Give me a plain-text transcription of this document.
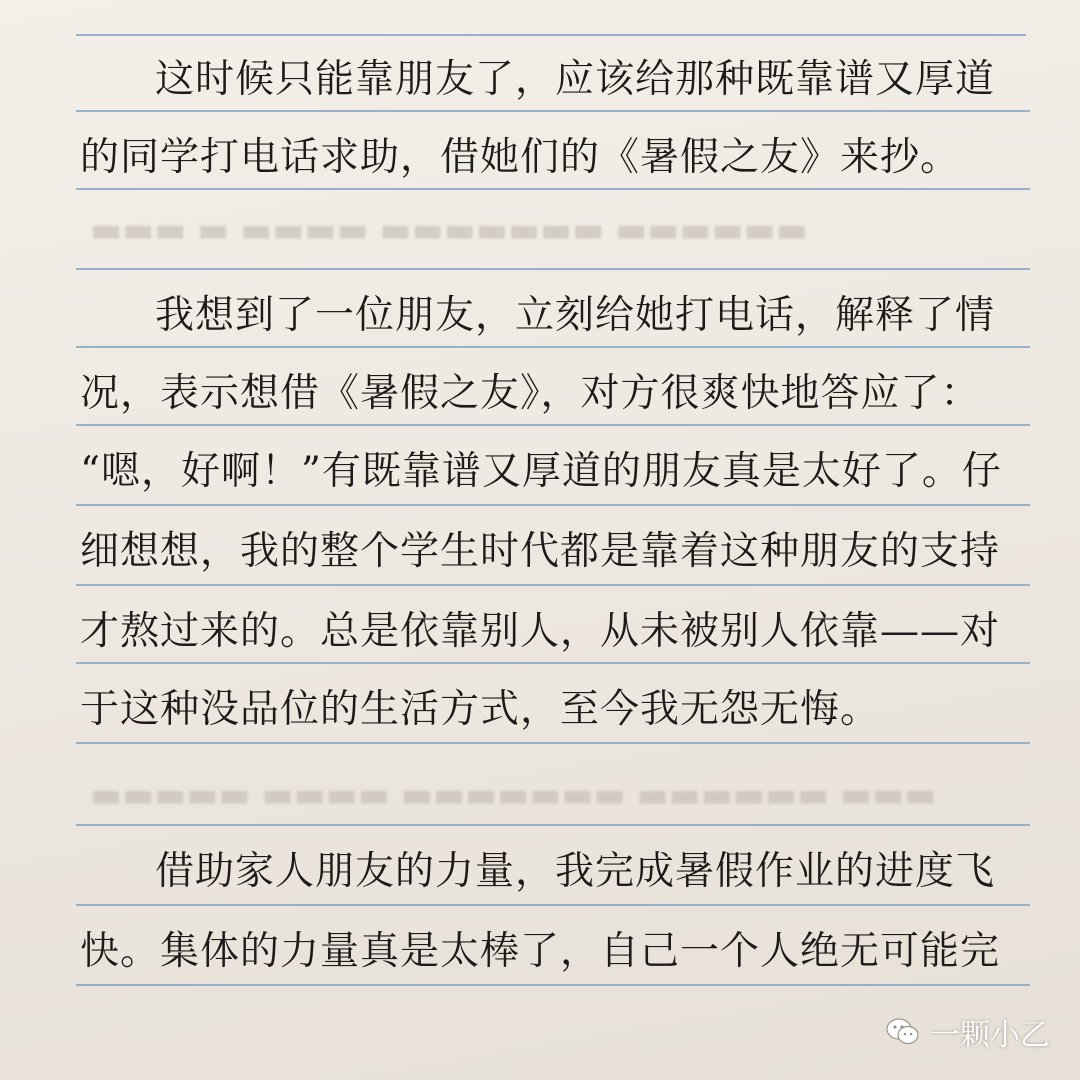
▬▬▬ ▬ ▬▬▬▬ ▬▬▬▬▬▬▬ ▬▬▬▬▬▬
▬▬▬▬▬ ▬▬▬▬ ▬▬▬▬▬▬▬ ▬▬▬▬▬▬ ▬▬▬
这时候只能靠朋友了，应该给那种既靠谱又厚道
的同学打电话求助，借她们的《暑假之友》来抄。
我想到了一位朋友，立刻给她打电话，解释了情
况，表示想借《暑假之友》，对方很爽快地答应了：
“嗯，好啊！”有既靠谱又厚道的朋友真是太好了。仔
细想想，我的整个学生时代都是靠着这种朋友的支持
才熬过来的。总是依靠别人，从未被别人依靠——对
于这种没品位的生活方式，至今我无怨无悔。
借助家人朋友的力量，我完成暑假作业的进度飞
快。集体的力量真是太棒了，自己一个人绝无可能完
一颗小乙
